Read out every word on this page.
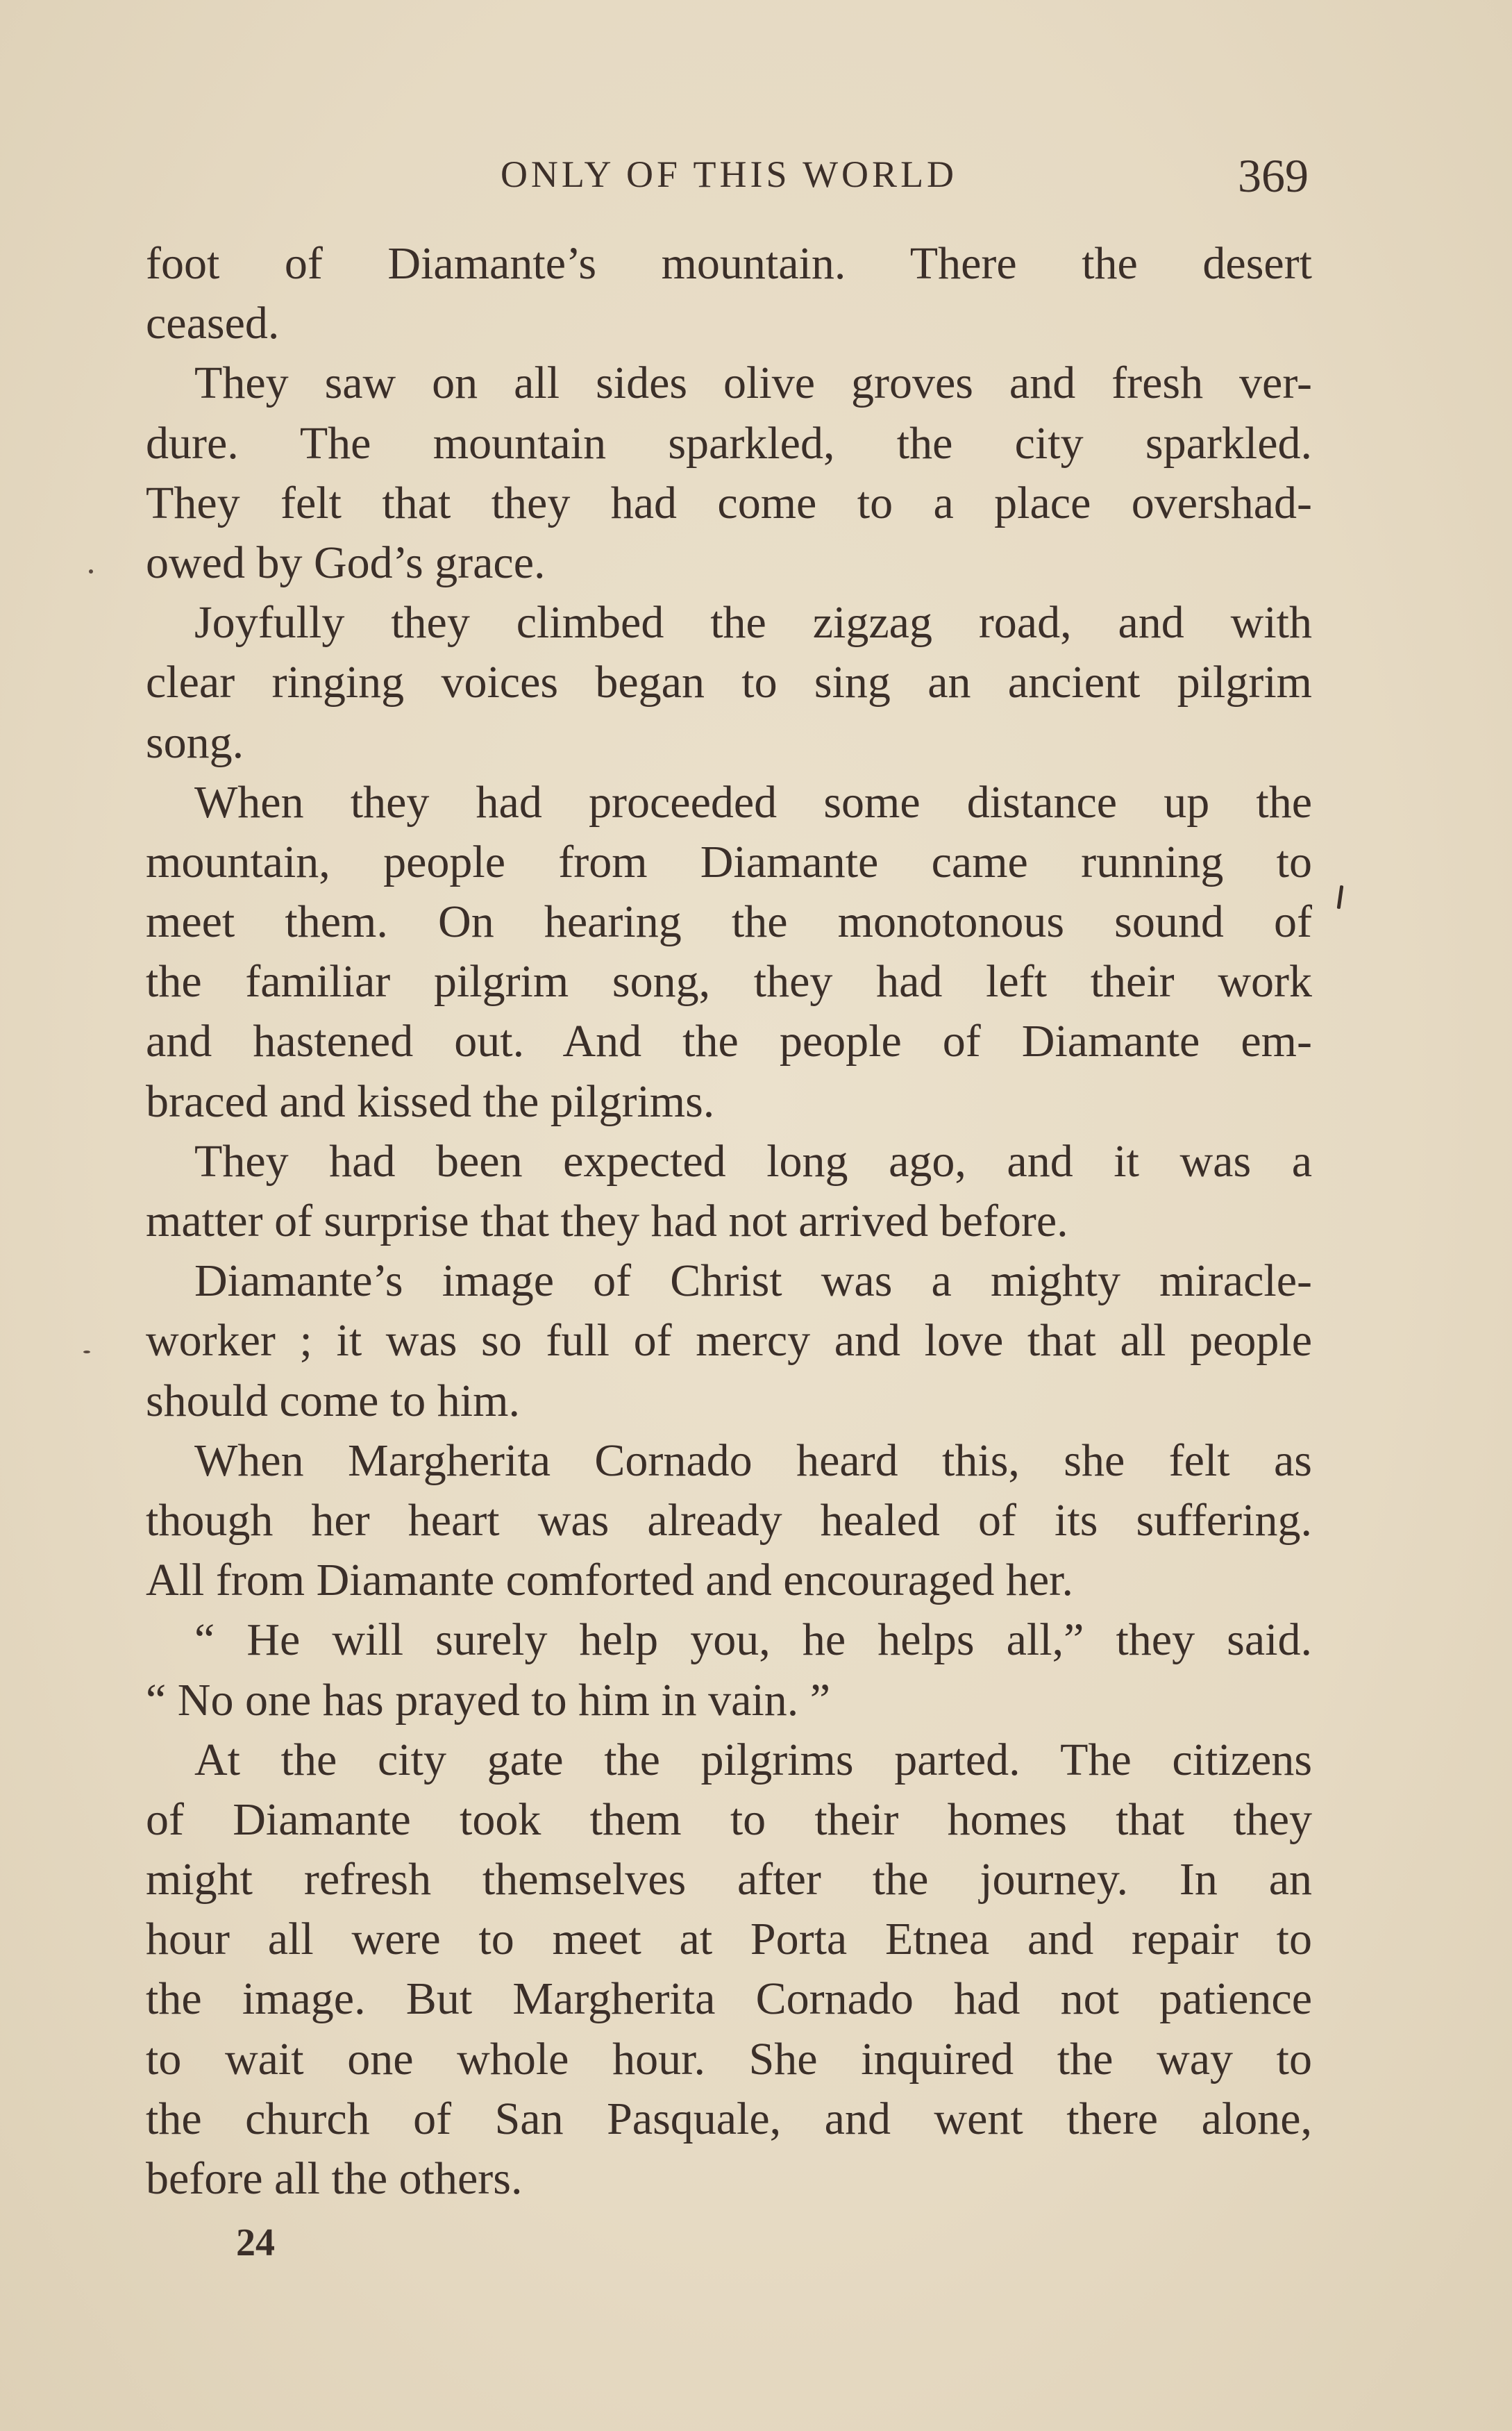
ONLY OF THIS WORLD	369
foot of Diamante’s mountain. There the desert
ceased.
They saw on all sides olive groves and fresh ver-
dure. The mountain sparkled, the city sparkled.
They felt that they had come to a place overshad-
owed by God’s grace.
Joyfully they climbed the zigzag road, and with
clear ringing voices began to sing an ancient pilgrim
song.
When they had proceeded some distance up the
mountain, people from Diamante came running to
meet them. On hearing the monotonous sound of
the familiar pilgrim song, they had left their work
and hastened out. And the people of Diamante em-
braced and kissed the pilgrims.
They had been expected long ago, and it was a
matter of surprise that they had not arrived before.
Diamante’s image of Christ was a mighty miracle-
worker ; it was so full of mercy and love that all people
should come to him.
When Margherita Cornado heard this, she felt as
though her heart was already healed of its suffering.
All from Diamante comforted and encouraged her.
“ He will surely help you, he helps all,” they said.
“ No one has prayed to him in vain. ”
At the city gate the pilgrims parted. The citizens
of Diamante took them to their homes that they
might refresh themselves after the journey. In an
hour all were to meet at Porta Etnea and repair to
the image. But Margherita Cornado had not patience
to wait one whole hour. She inquired the way to
the church of San Pasquale, and went there alone,
before all the others.
24
